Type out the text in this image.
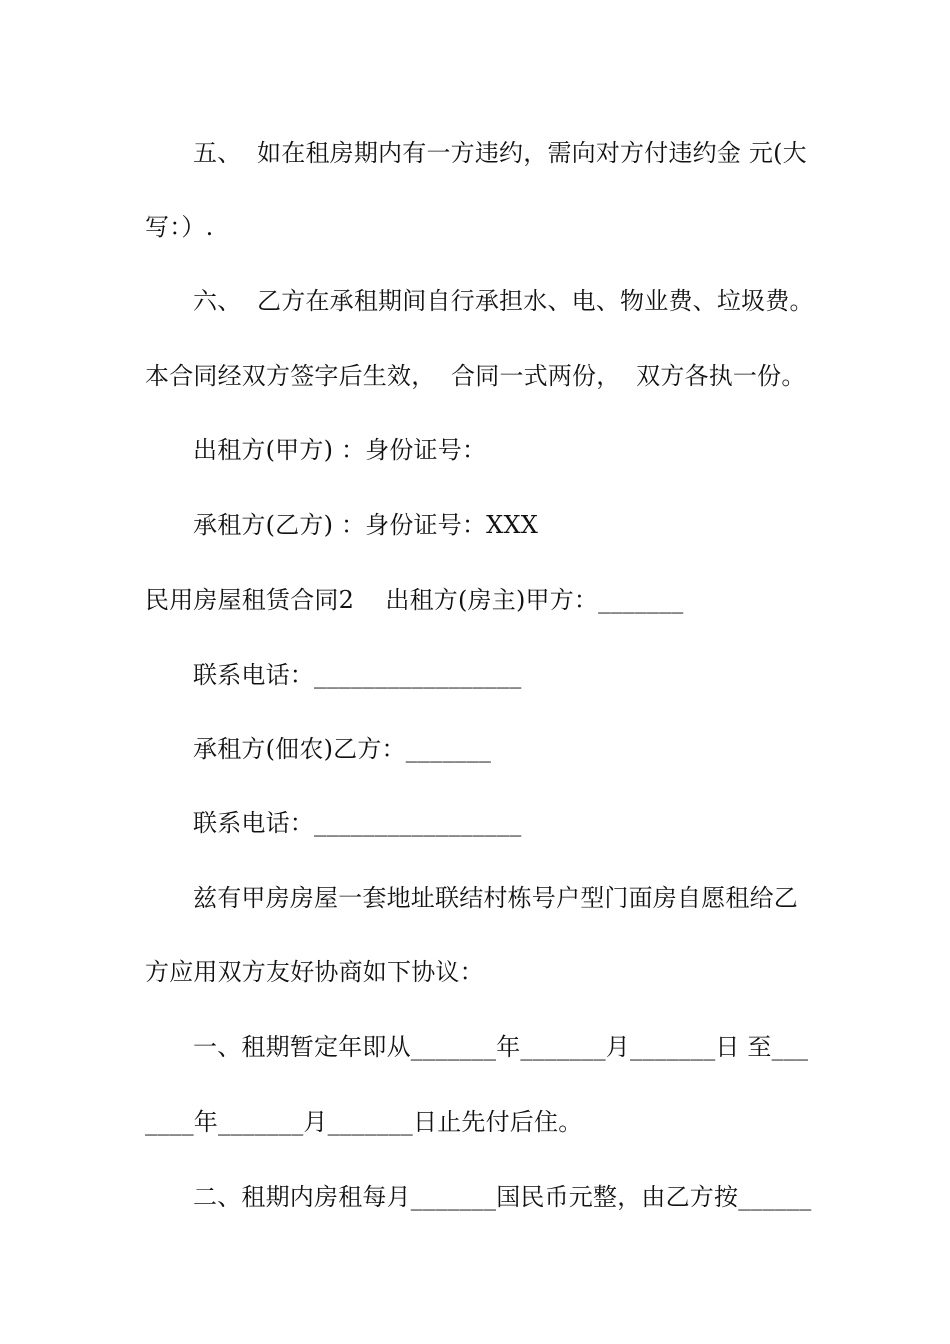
五、  如在租房期内有一方违约，需向对方付违约金 元(大
写：）.
六、  乙方在承租期间自行承担水、电、物业费、垃圾费。
本合同经双方签字后生效，  合同一式两份，  双方各执一份。
出租方(甲方) ：身份证号：
承租方(乙方) ：身份证号：XXX
民用房屋租赁合同2    出租方(房主)甲方：_______
联系电话：_________________
承租方(佃农)乙方：_______
联系电话：_________________
兹有甲房房屋一套地址联结村栋号户型门面房自愿租给乙
方应用双方友好协商如下协议：
一、租期暂定年即从_______年_______月_______日 至___
____年_______月_______日止先付后住。
二、租期内房租每月_______国民币元整，由乙方按______
